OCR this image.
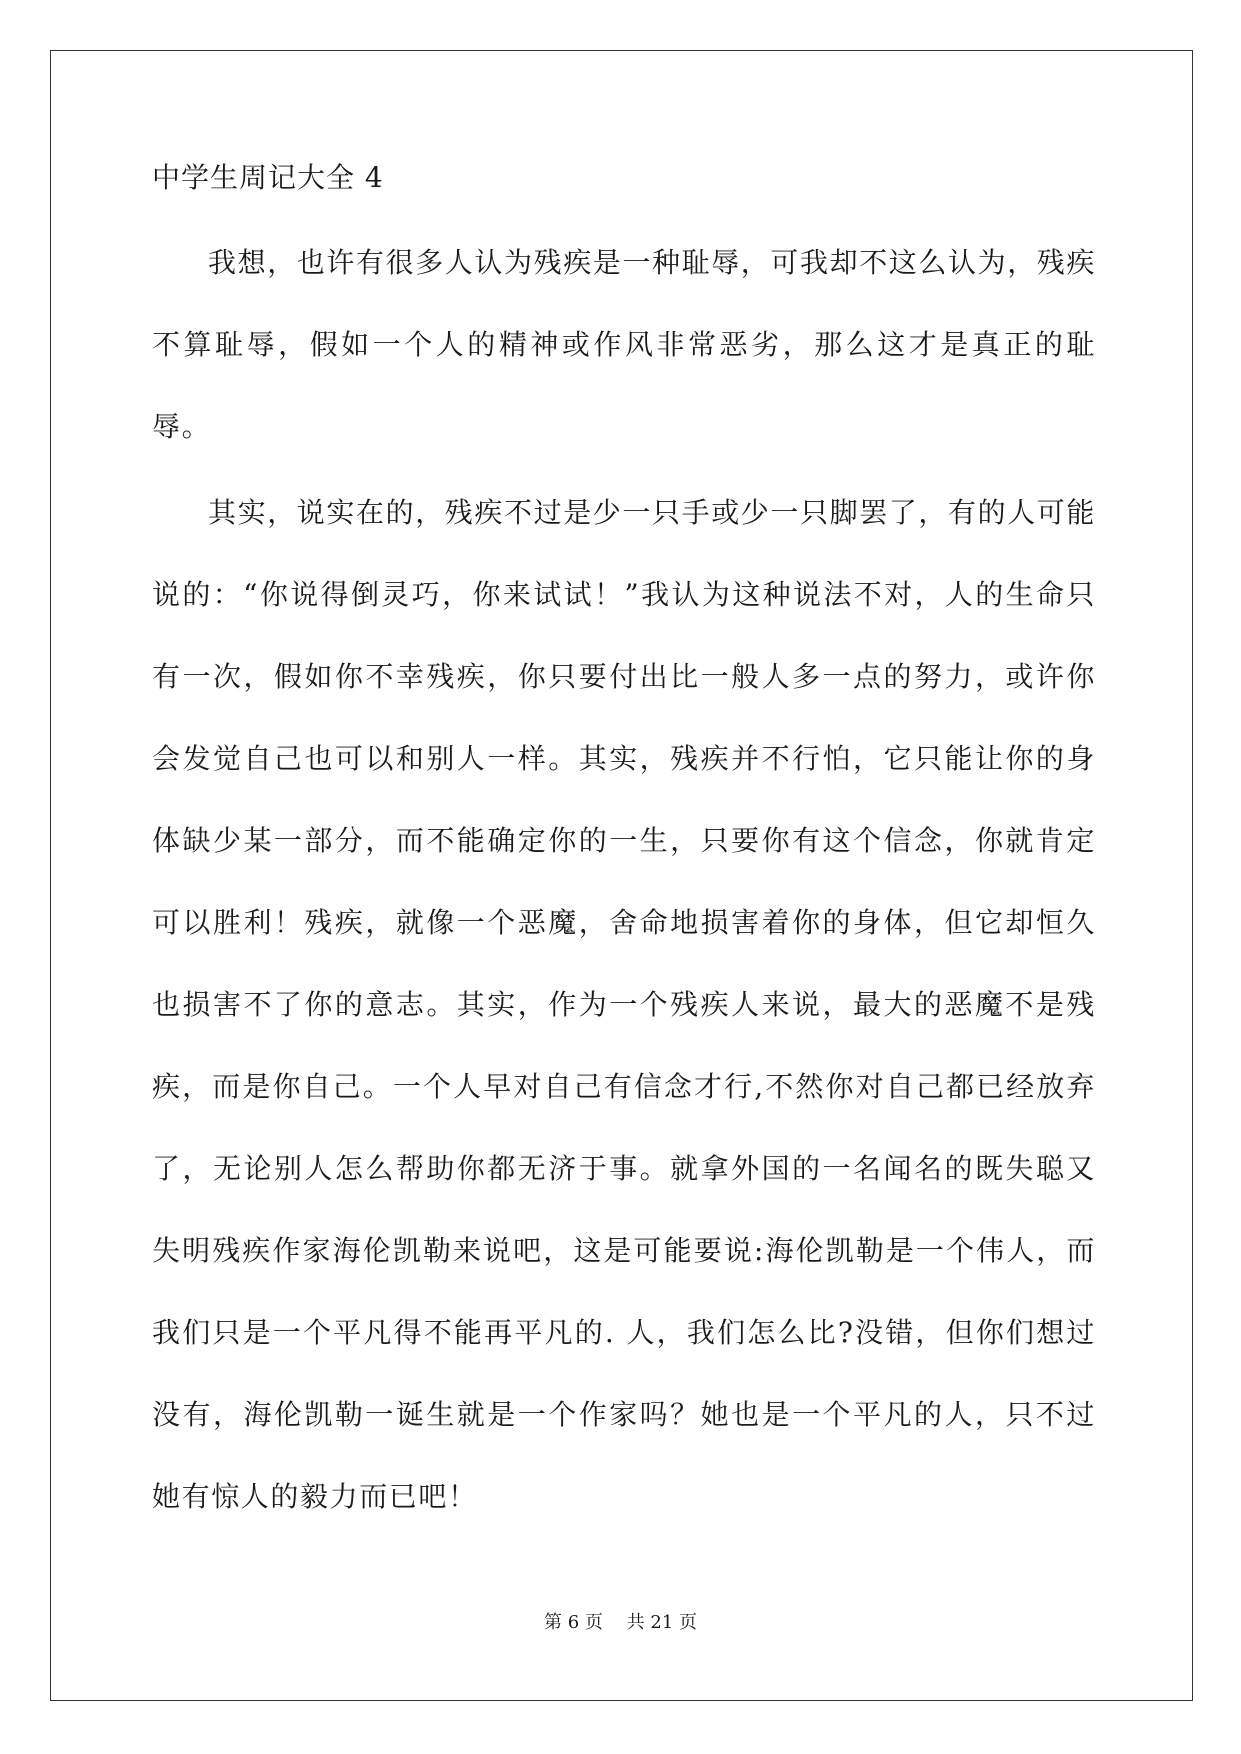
中学生周记大全 4

我想，也许有很多人认为残疾是一种耻辱，可我却不这么认为，残疾不算耻辱，假如一个人的精神或作风非常恶劣，那么这才是真正的耻辱。

其实，说实在的，残疾不过是少一只手或少一只脚罢了，有的人可能说的：“你说得倒灵巧，你来试试！”我认为这种说法不对，人的生命只有一次，假如你不幸残疾，你只要付出比一般人多一点的努力，或许你会发觉自己也可以和别人一样。其实，残疾并不行怕，它只能让你的身体缺少某一部分，而不能确定你的一生，只要你有这个信念，你就肯定可以胜利！残疾，就像一个恶魔，舍命地损害着你的身体，但它却恒久也损害不了你的意志。其实，作为一个残疾人来说，最大的恶魔不是残疾，而是你自己。一个人早对自己有信念才行,不然你对自己都已经放弃了，无论别人怎么帮助你都无济于事。就拿外国的一名闻名的既失聪又失明残疾作家海伦凯勒来说吧，这是可能要说:海伦凯勒是一个伟人，而我们只是一个平凡得不能再平凡的. 人，我们怎么比?没错，但你们想过没有，海伦凯勒一诞生就是一个作家吗？她也是一个平凡的人，只不过她有惊人的毅力而已吧！

第 6 页 共 21 页
